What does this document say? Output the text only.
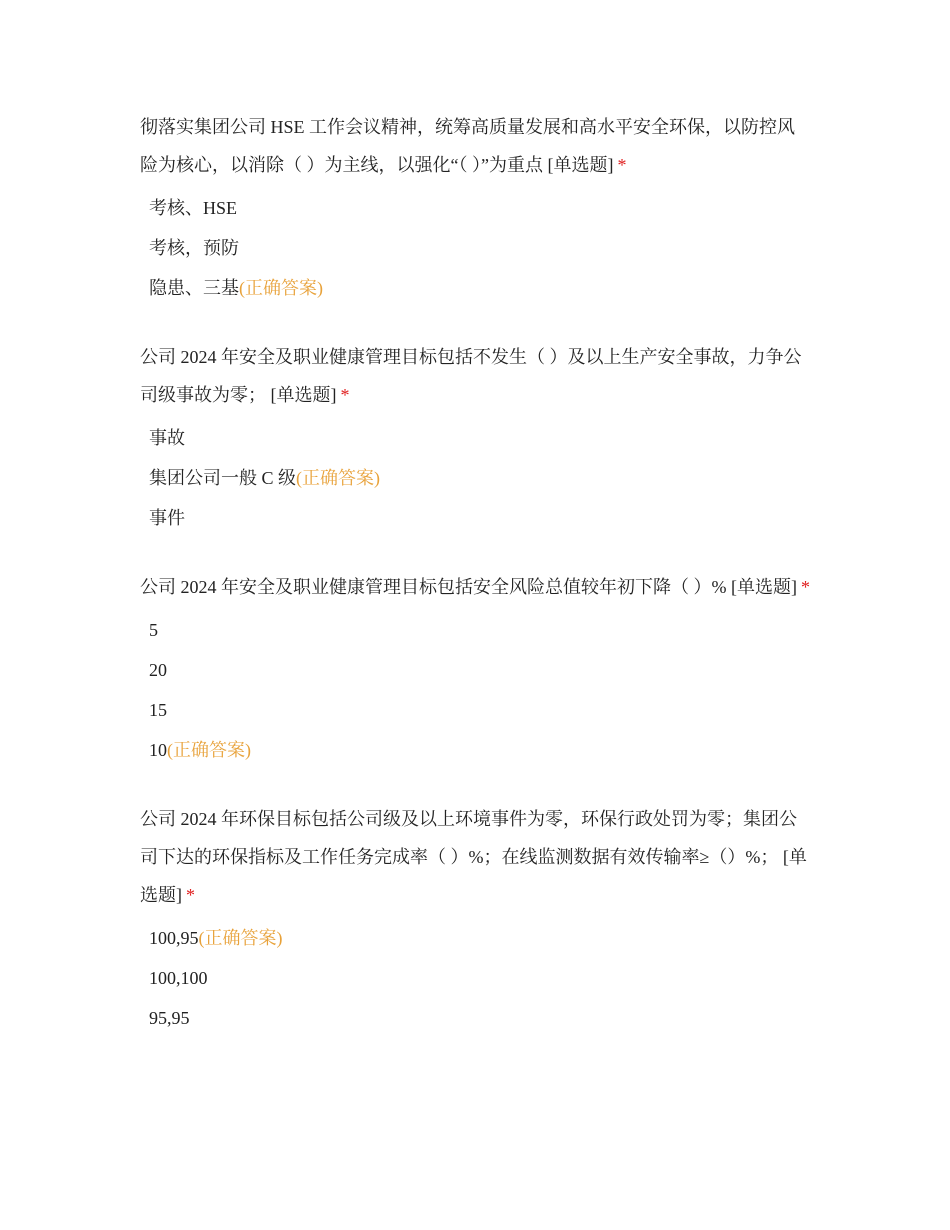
彻落实集团公司 HSE 工作会议精神，统筹高质量发展和高水平安全环保，以防控风险为核心，以消除（ ）为主线，以强化“（ ）”为重点 [单选题] *
考核、HSE
考核，预防
隐患、三基(正确答案)
公司 2024 年安全及职业健康管理目标包括不发生（ ）及以上生产安全事故，力争公司级事故为零； [单选题] *
事故
集团公司一般 C 级(正确答案)
事件
公司 2024 年安全及职业健康管理目标包括安全风险总值较年初下降（ ）% [单选题] *
5
20
15
10(正确答案)
公司 2024 年环保目标包括公司级及以上环境事件为零，环保行政处罚为零；集团公司下达的环保指标及工作任务完成率（ ）%；在线监测数据有效传输率≥（）%； [单选题] *
100,95(正确答案)
100,100
95,95
